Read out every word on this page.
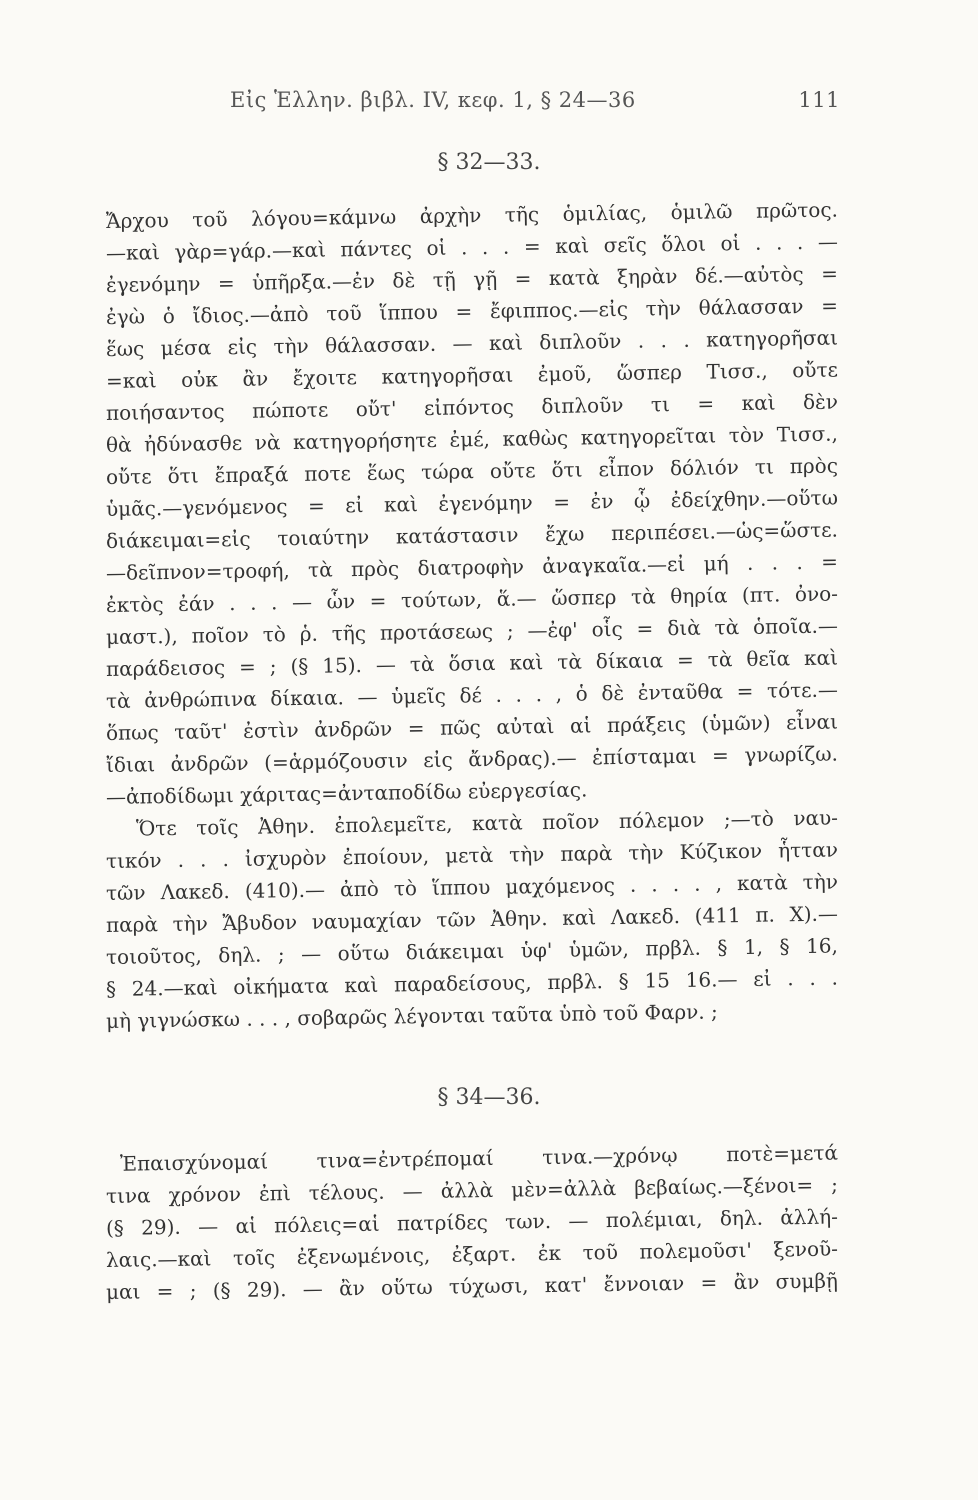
Εἰς Ἑλλην. βιβλ. IV, κεφ. 1, § 24—36	111
§ 32—33.
Ἄρχου τοῦ λόγου=κάμνω ἀρχὴν τῆς ὁμιλίας, ὁμιλῶ πρῶτος.
—καὶ γὰρ=γάρ.—καὶ πάντες οἱ . . . = καὶ σεῖς ὅλοι οἱ . . . —
ἐγενόμην = ὑπῆρξα.—ἐν δὲ τῇ γῇ = κατὰ ξηρὰν δέ.—αὐτὸς =
ἐγὼ ὁ ἴδιος.—ἀπὸ τοῦ ἵππου = ἔφιππος.—εἰς τὴν θάλασσαν =
ἕως μέσα εἰς τὴν θάλασσαν. — καὶ διπλοῦν . . . κατηγορῆσαι
=καὶ οὐκ ἂν ἔχοιτε κατηγορῆσαι ἐμοῦ, ὥσπερ Τισσ., οὔτε
ποιήσαντος πώποτε οὔτ' εἰπόντος διπλοῦν τι = καὶ δὲν
θὰ ἠδύνασθε νὰ κατηγορήσητε ἐμέ, καθὼς κατηγορεῖται τὸν Τισσ.,
οὔτε ὅτι ἔπραξά ποτε ἕως τώρα οὔτε ὅτι εἶπον δόλιόν τι πρὸς
ὑμᾶς.—γενόμενος = εἰ καὶ ἐγενόμην = ἐν ᾧ ἐδείχθην.—οὕτω
διάκειμαι=εἰς τοιαύτην κατάστασιν ἔχω περιπέσει.—ὡς=ὥστε.
—δεῖπνον=τροφή, τὰ πρὸς διατροφὴν ἀναγκαῖα.—εἰ μή . . . =
ἐκτὸς ἐάν . . . — ὧν = τούτων, ἅ.— ὥσπερ τὰ θηρία (πτ. ὀνο-
μαστ.), ποῖον τὸ ῥ. τῆς προτάσεως ; —ἐφ' οἷς = διὰ τὰ ὁποῖα.—
παράδεισος = ; (§ 15). — τὰ ὅσια καὶ τὰ δίκαια = τὰ θεῖα καὶ
τὰ ἀνθρώπινα δίκαια. — ὑμεῖς δέ . . . , ὁ δὲ ἐνταῦθα = τότε.—
ὅπως ταῦτ' ἐστὶν ἀνδρῶν = πῶς αὐταὶ αἱ πράξεις (ὑμῶν) εἶναι
ἴδιαι ἀνδρῶν (=ἁρμόζουσιν εἰς ἄνδρας).— ἐπίσταμαι = γνωρίζω.
—ἀποδίδωμι χάριτας=ἀνταποδίδω εὐεργεσίας.
Ὅτε τοῖς Ἀθην. ἐπολεμεῖτε, κατὰ ποῖον πόλεμον ;—τὸ ναυ-
τικόν . . . ἰσχυρὸν ἐποίουν, μετὰ τὴν παρὰ τὴν Κύζικον ἧτταν
τῶν Λακεδ. (410).— ἀπὸ τὸ ἵππου μαχόμενος . . . . , κατὰ τὴν
παρὰ τὴν Ἄβυδον ναυμαχίαν τῶν Ἀθην. καὶ Λακεδ. (411 π. Χ).—
τοιοῦτος, δηλ. ; — οὕτω διάκειμαι ὑφ' ὑμῶν, πρβλ. § 1, § 16,
§ 24.—καὶ οἰκήματα καὶ παραδείσους, πρβλ. § 15 16.— εἰ . . .
μὴ γιγνώσκω . . . , σοβαρῶς λέγονται ταῦτα ὑπὸ τοῦ Φαρν. ;
§ 34—36.
Ἐπαισχύνομαί τινα=ἐντρέπομαί τινα.—χρόνῳ ποτὲ=μετά
τινα χρόνον ἐπὶ τέλους. — ἀλλὰ μὲν=ἀλλὰ βεβαίως.—ξένοι= ;
(§ 29). — αἱ πόλεις=αἱ πατρίδες των. — πολέμιαι, δηλ. ἀλλή-
λαις.—καὶ τοῖς ἐξενωμένοις, ἐξαρτ. ἐκ τοῦ πολεμοῦσι' ξενοῦ-
μαι = ; (§ 29). — ἂν οὕτω τύχωσι, κατ' ἔννοιαν = ἂν συμβῇ
